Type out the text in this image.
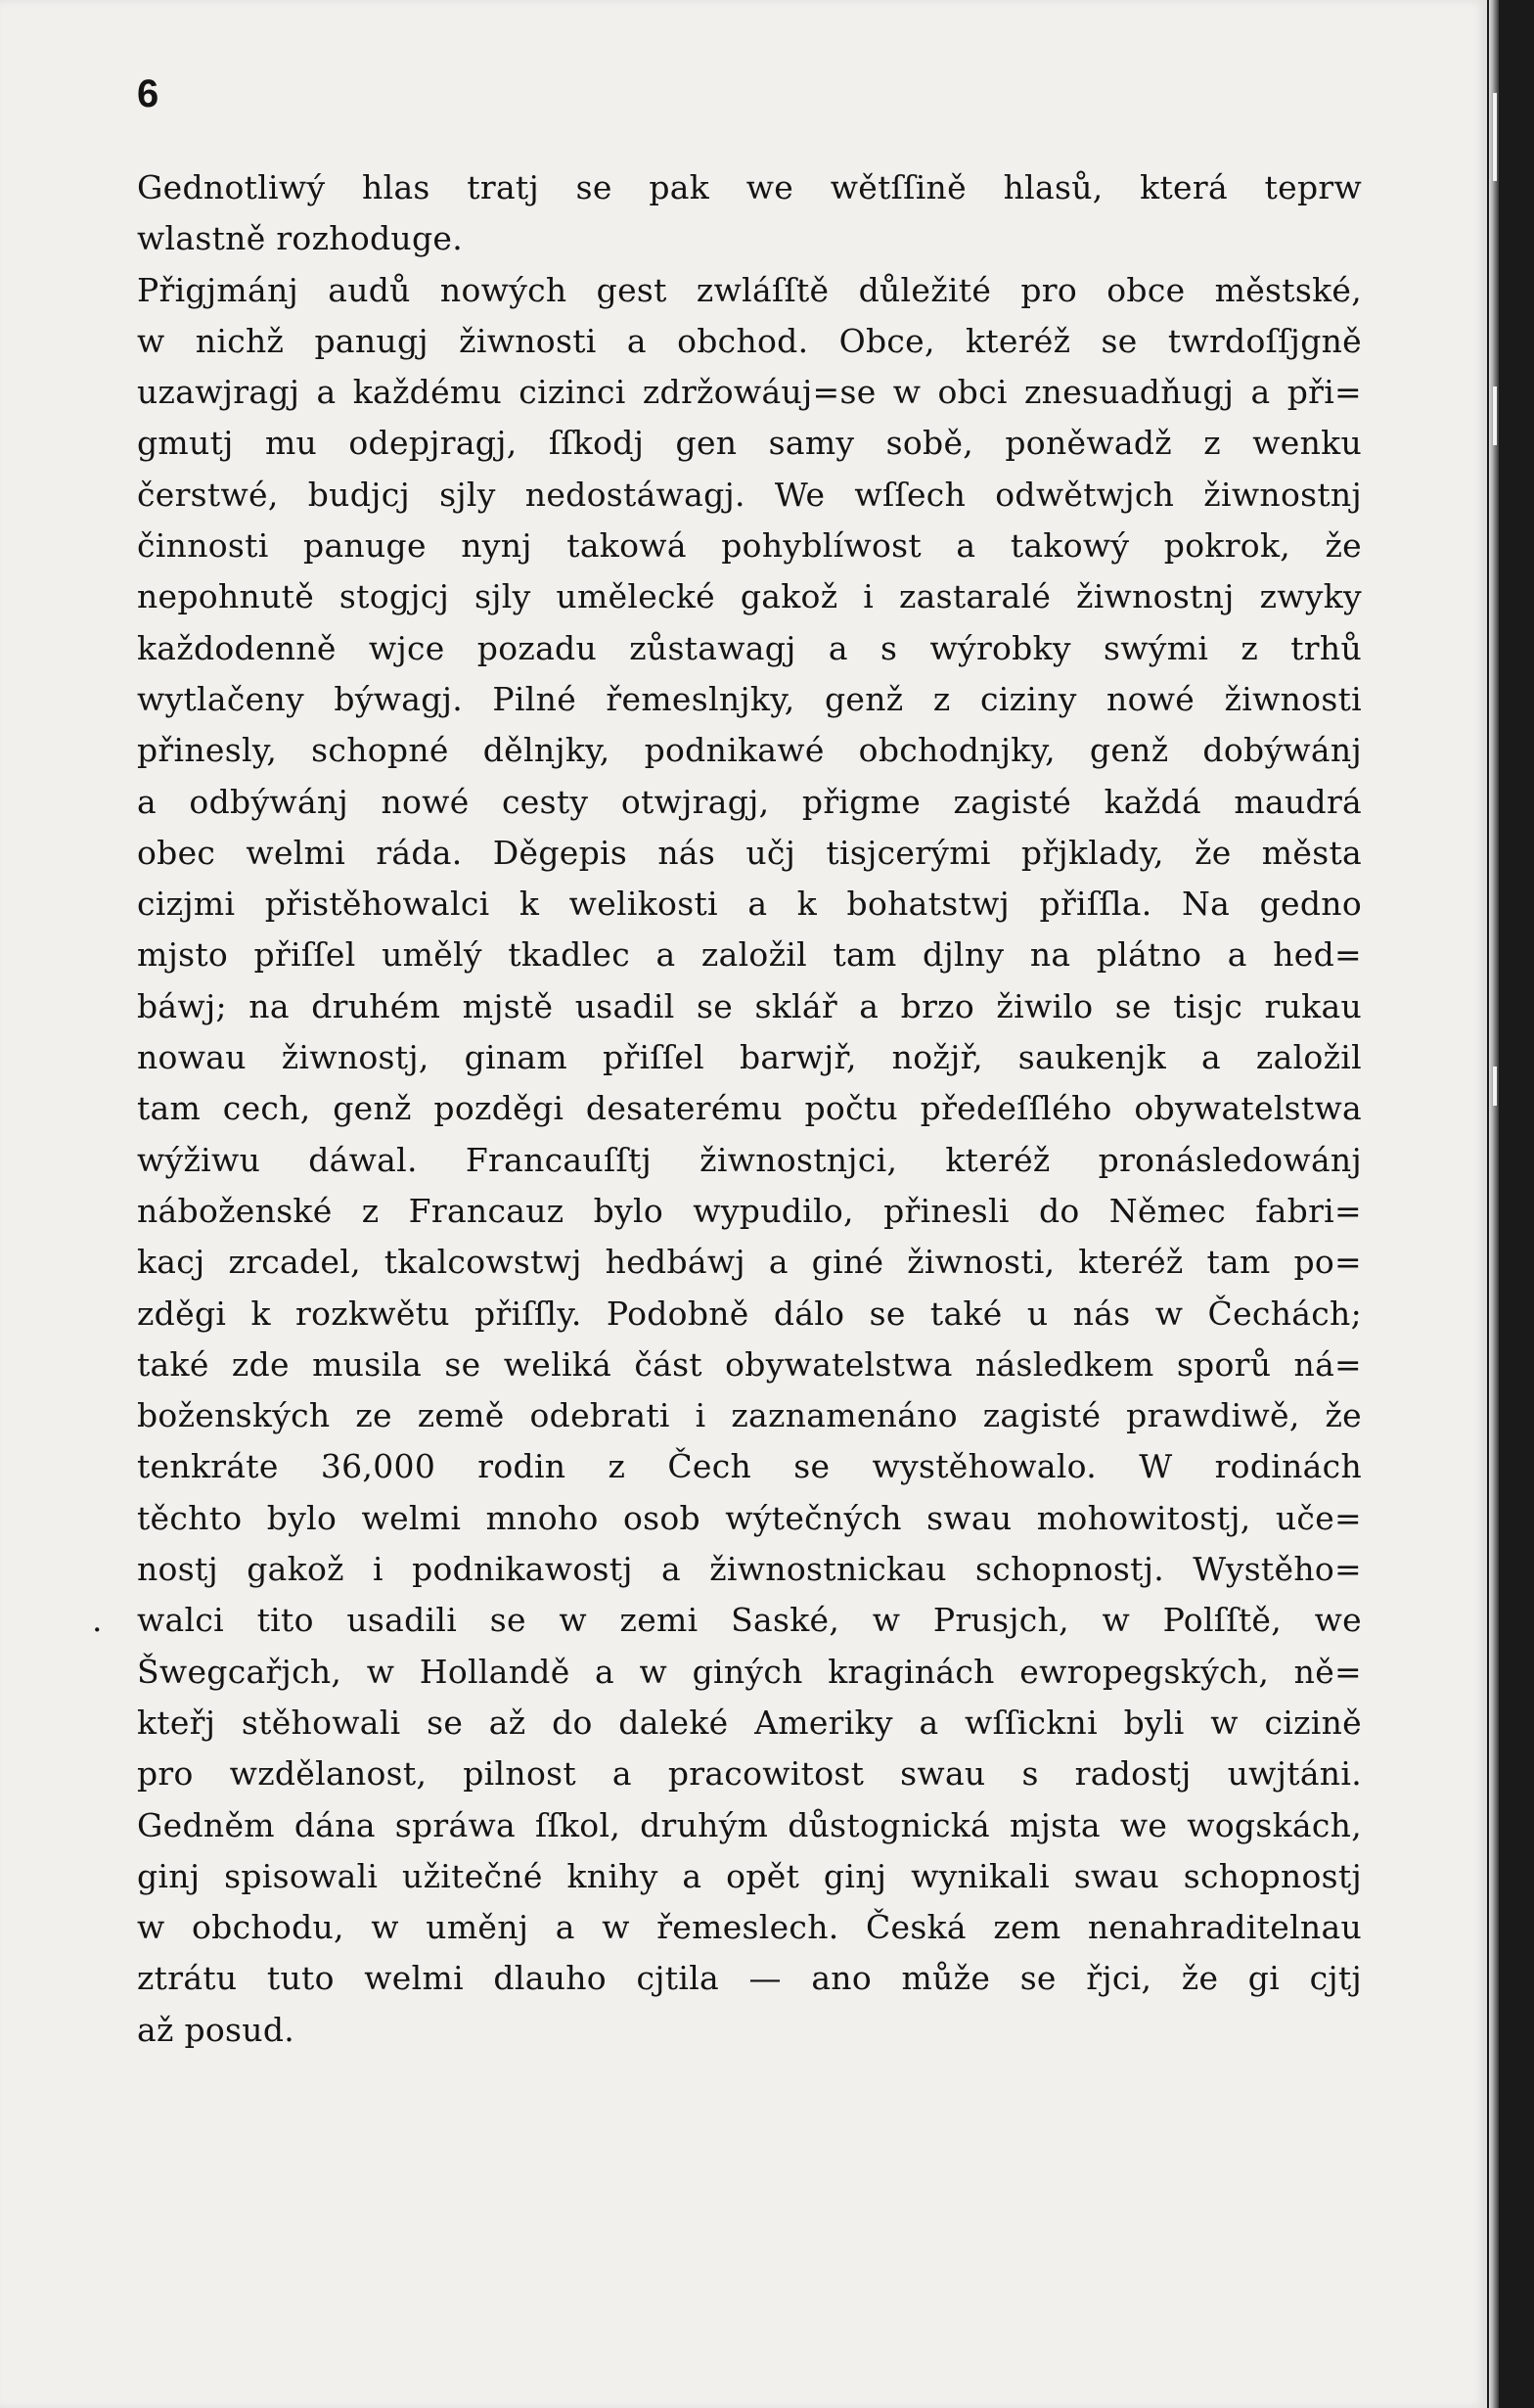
6
Gednotliwý hlas tratj se pak we wětſſině hlasů, která teprw
wlastně rozhoduge.
Přigjmánj audů nowých gest zwláſſtě důležité pro obce městské,
w nichž panugj žiwnosti a obchod. Obce, kteréž se twrdoſſjgně
uzawjragj a každému cizinci zdržowáuj=se w obci znesuadňugj a při=
gmutj mu odepjragj, ſſkodj gen samy sobě, poněwadž z wenku
čerstwé, budjcj sjly nedostáwagj. We wſſech odwětwjch žiwnostnj
činnosti panuge nynj takowá pohyblíwost a takowý pokrok, že
nepohnutě stogjcj sjly umělecké gakož i zastaralé žiwnostnj zwyky
každodenně wjce pozadu zůstawagj a s wýrobky swými z trhů
wytlačeny býwagj. Pilné řemeslnjky, genž z ciziny nowé žiwnosti
přinesly, schopné dělnjky, podnikawé obchodnjky, genž dobýwánj
a odbýwánj nowé cesty otwjragj, přigme zagisté každá maudrá
obec welmi ráda. Děgepis nás učj tisjcerými přjklady, že města
cizjmi přistěhowalci k welikosti a k bohatstwj přiſſla. Na gedno
mjsto přiſſel umělý tkadlec a založil tam djlny na plátno a hed=
báwj; na druhém mjstě usadil se sklář a brzo žiwilo se tisjc rukau
nowau žiwnostj, ginam přiſſel barwjř, nožjř, saukenjk a založil
tam cech, genž pozděgi desaterému počtu předeſſlého obywatelstwa
wýžiwu dáwal. Francauſſtj žiwnostnjci, kteréž pronásledowánj
náboženské z Francauz bylo wypudilo, přinesli do Němec fabri=
kacj zrcadel, tkalcowstwj hedbáwj a giné žiwnosti, kteréž tam po=
zděgi k rozkwětu přiſſly. Podobně dálo se také u nás w Čechách;
také zde musila se weliká část obywatelstwa následkem sporů ná=
boženských ze země odebrati i zaznamenáno zagisté prawdiwě, že
tenkráte 36,000 rodin z Čech se wystěhowalo. W rodinách
těchto bylo welmi mnoho osob wýtečných swau mohowitostj, uče=
nostj gakož i podnikawostj a žiwnostnickau schopnostj. Wystěho=
. walci tito usadili se w zemi Saské, w Prusjch, w Polſſtě, we
Šwegcařjch, w Hollandě a w giných kraginách ewropegských, ně=
kteřj stěhowali se až do daleké Ameriky a wſſickni byli w cizině
pro wzdělanost, pilnost a pracowitost swau s radostj uwjtáni.
Gedněm dána spráwa ſſkol, druhým důstognická mjsta we wogskách,
ginj spisowali užitečné knihy a opět ginj wynikali swau schopnostj
w obchodu, w uměnj a w řemeslech. Česká zem nenahraditelnau
ztrátu tuto welmi dlauho cjtila — ano může se řjci, že gi cjtj
až posud.
